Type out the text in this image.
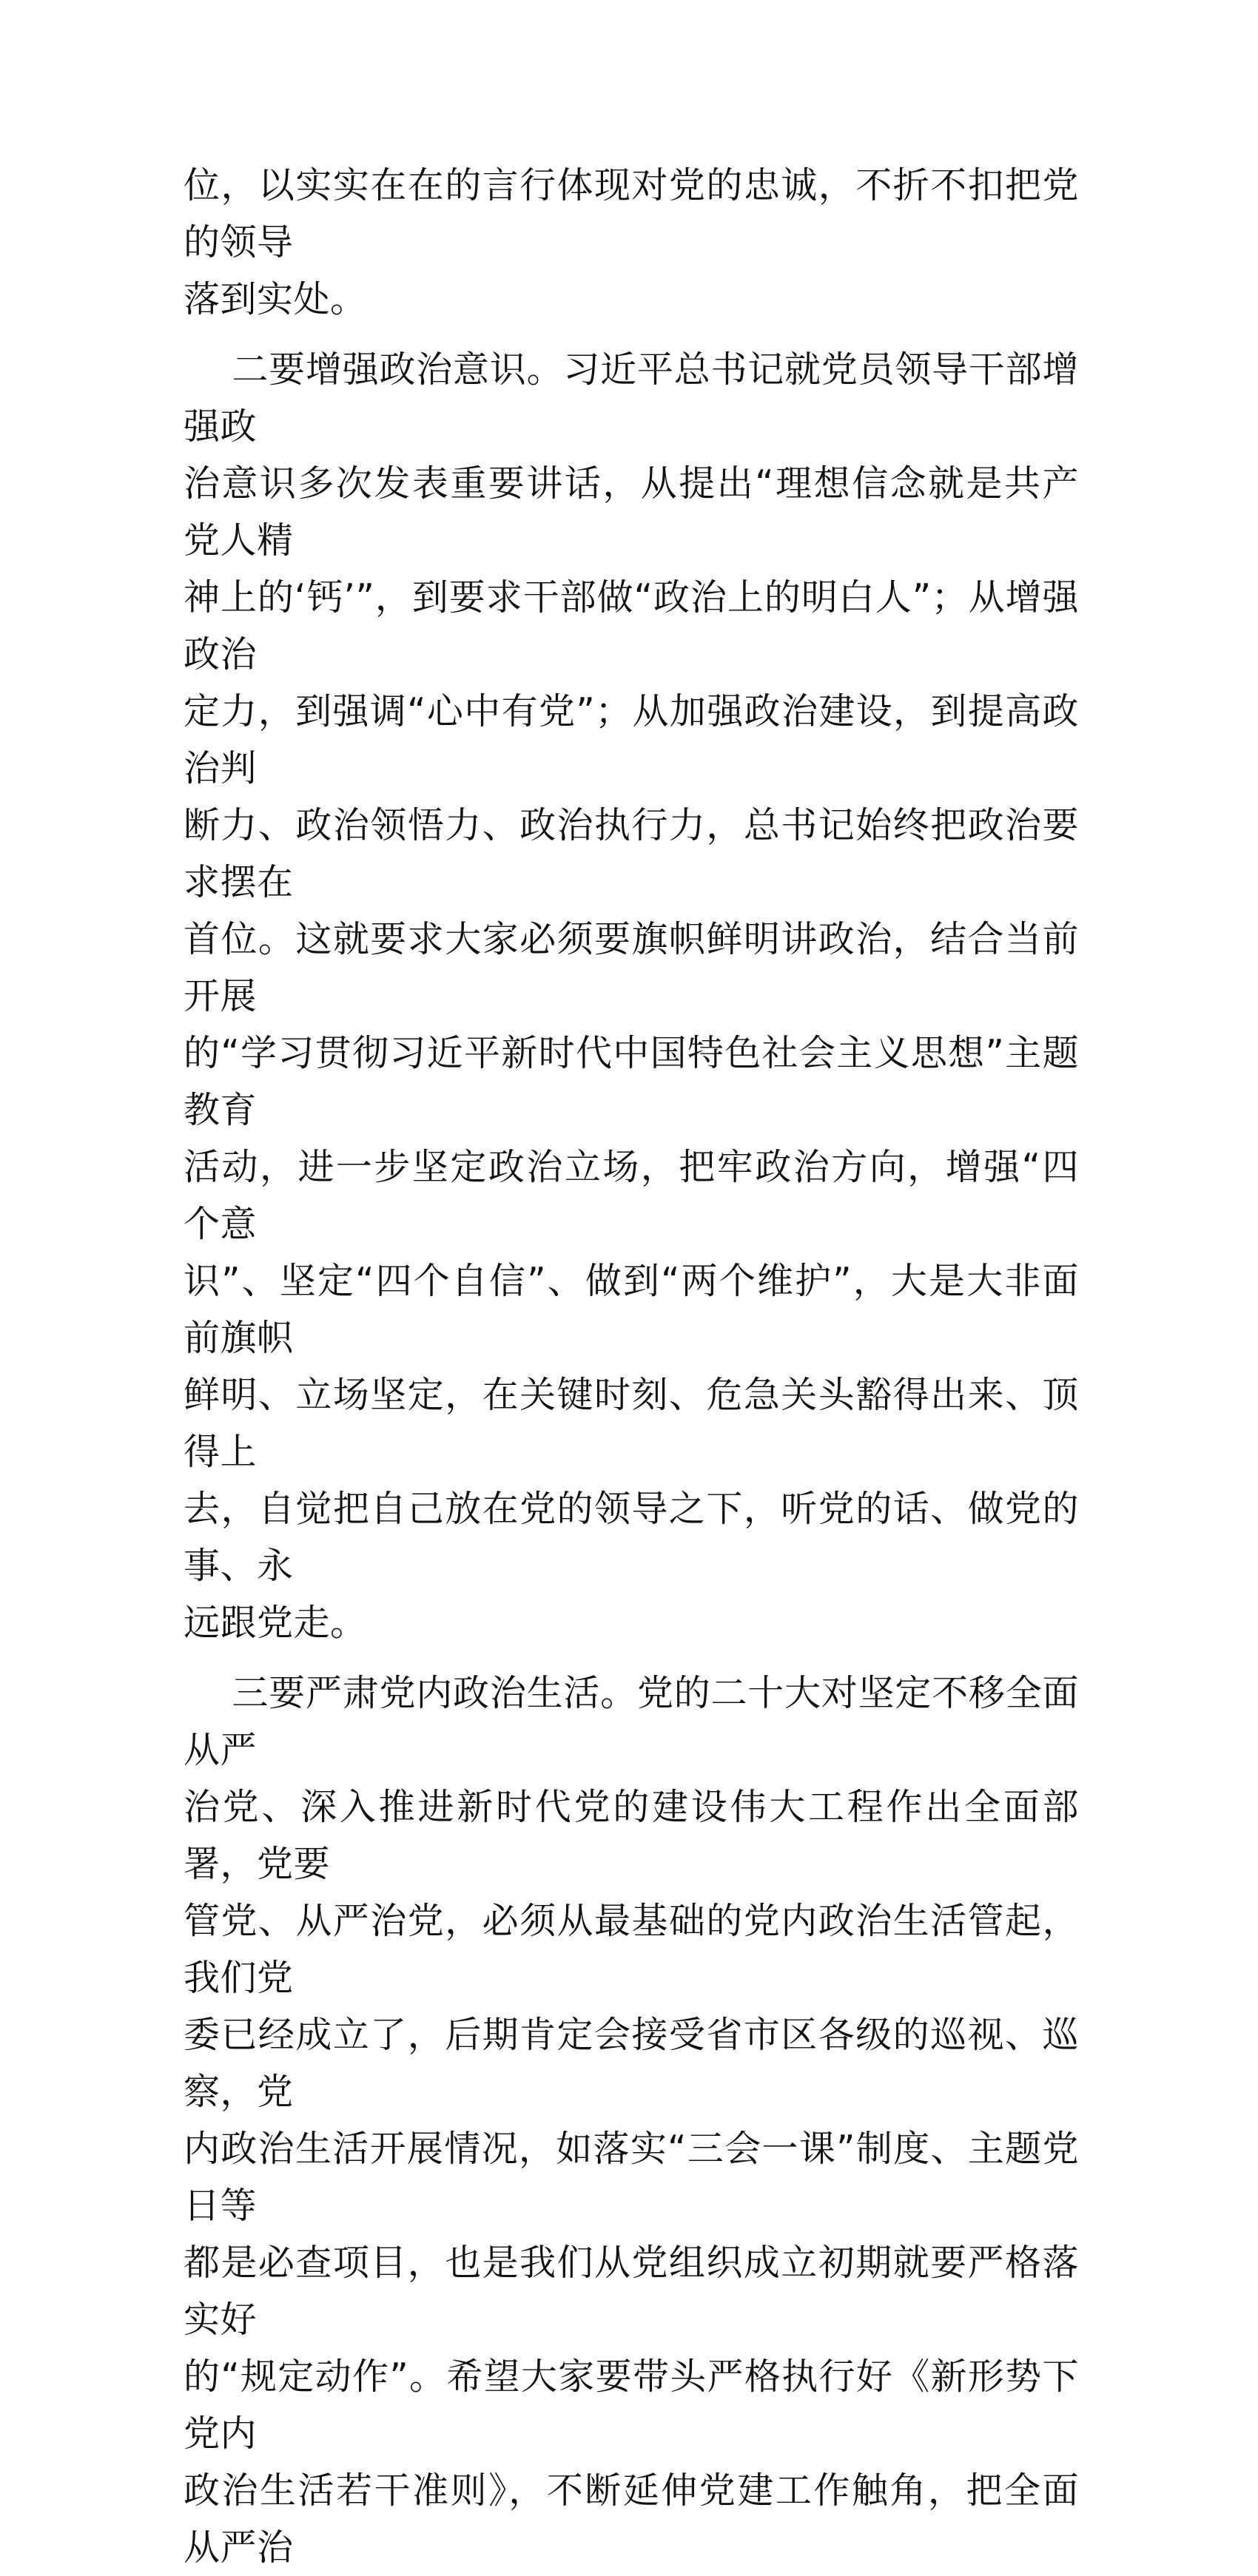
位，以实实在在的言行体现对党的忠诚，不折不扣把党的领导
落到实处。
二要增强政治意识。习近平总书记就党员领导干部增强政
治意识多次发表重要讲话，从提出“理想信念就是共产党人精
神上的‘钙’”，到要求干部做“政治上的明白人”；从增强政治
定力，到强调“心中有党”；从加强政治建设，到提高政治判
断力、政治领悟力、政治执行力，总书记始终把政治要求摆在
首位。这就要求大家必须要旗帜鲜明讲政治，结合当前开展
的“学习贯彻习近平新时代中国特色社会主义思想”主题教育
活动，进一步坚定政治立场，把牢政治方向，增强“四个意
识”、坚定“四个自信”、做到“两个维护”，大是大非面前旗帜
鲜明、立场坚定，在关键时刻、危急关头豁得出来、顶得上
去，自觉把自己放在党的领导之下，听党的话、做党的事、永
远跟党走。
三要严肃党内政治生活。党的二十大对坚定不移全面从严
治党、深入推进新时代党的建设伟大工程作出全面部署，党要
管党、从严治党，必须从最基础的党内政治生活管起，我们党
委已经成立了，后期肯定会接受省市区各级的巡视、巡察，党
内政治生活开展情况，如落实“三会一课”制度、主题党日等
都是必查项目，也是我们从党组织成立初期就要严格落实好
的“规定动作”。希望大家要带头严格执行好《新形势下党内
政治生活若干准则》，不断延伸党建工作触角，把全面从严治
